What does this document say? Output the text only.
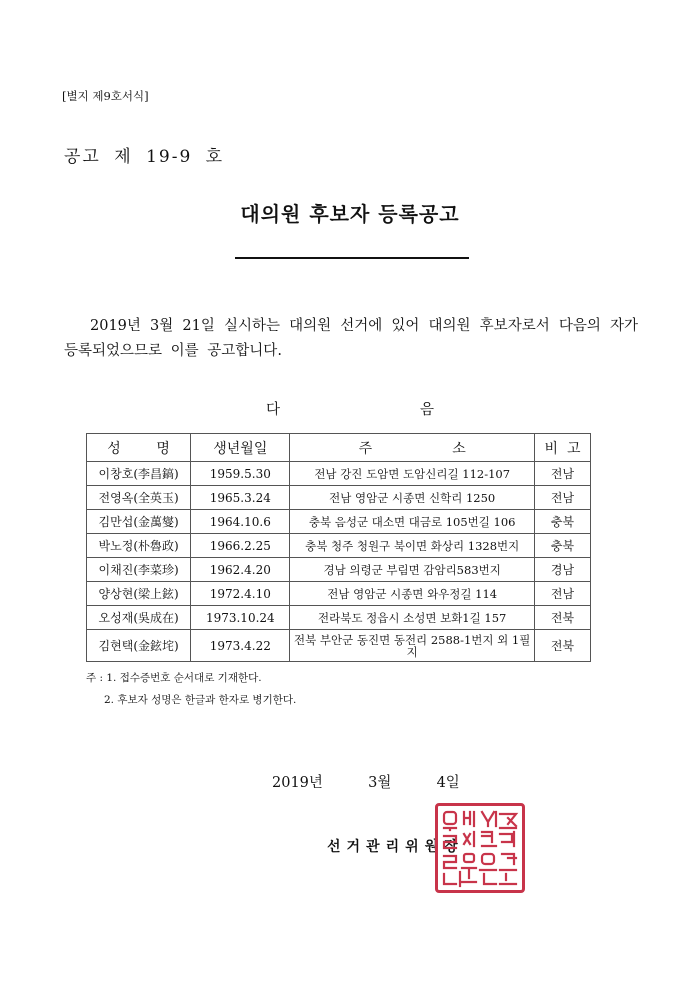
[별지 제9호서식]
공고 제 19-9 호
대의원 후보자 등록공고
2019년 3월 21일 실시하는 대의원 선거에 있어 대의원 후보자로서 다음의 자가 등록되었으므로 이를 공고합니다.
다	음
성        명	생년월일	주                  소	비  고
이창호(李昌鎬)	1959.5.30	전남 강진 도암면 도암신리길 112-107	전남
전영옥(全英玉)	1965.3.24	전남 영암군 시종면 신학리 1250	전남
김만섭(金萬燮)	1964.10.6	충북 음성군 대소면 대금로 105번길 106	충북
박노정(朴魯政)	1966.2.25	충북 청주 청원구 북이면 화상리 1328번지	충북
이채진(李菜珍)	1962.4.20	경남 의령군 부림면 감암리583번지	경남
양상현(梁上鉉)	1972.4.10	전남 영암군 시종면 와우정길 114	전남
오성재(吳成在)	1973.10.24	전라북도 정읍시 소성면 보화1길 157	전북
김현택(金鉉垞)	1973.4.22	전북 부안군 동진면 동전리 2588-1번지 외 1필지	전북
주 : 1. 접수증번호 순서대로 기재한다.
2. 후보자 성명은 한글과 한자로 병기한다.
2019년  3월  4일
선거관리위원장
